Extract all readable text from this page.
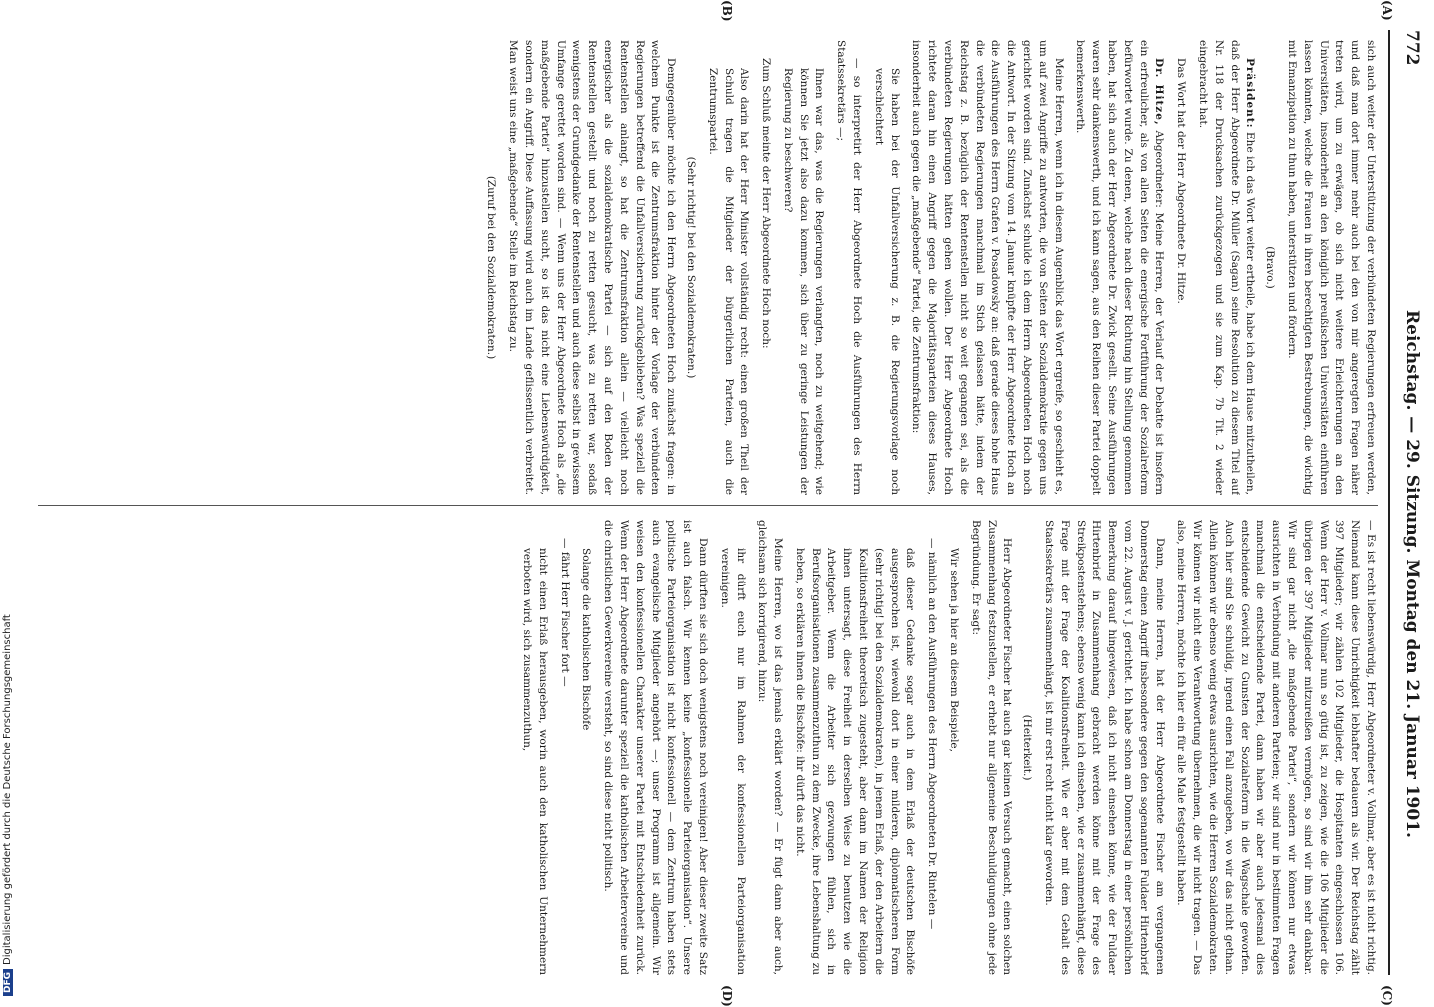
772
Reichstag. — 29. Sitzung. Montag den 21. Januar 1901.
(A)
(B)
(C)
(D)

sich auch weiter der Unterstützung der verbündeten Regierungen erfreuen werden, und daß man dort immer mehr auch bei den von mir angeregten Fragen näher treten wird, um zu erwägen, ob sich nicht weitere Erleichterungen an den Universitäten, insonderheit an den königlich preußischen Universitäten einführen lassen könnten, welche die Frauen in ihren berechtigten Bestrebungen, die wichtig mit Emanzipation zu thun haben, unterstützen und fördern.

(Bravo.)

Präsident: Ehe ich das Wort weiter ertheile, habe ich dem Hause mitzutheilen, daß der Herr Abgeordnete Dr. Müller (Sagan) seine Resolution zu diesem Titel auf Nr. 118 der Drucksachen zurückgezogen und sie zum Kap. 7b Tit. 2 wieder eingebracht hat.

Das Wort hat der Herr Abgeordnete Dr. Hitze.

Dr. Hitze, Abgeordneter: Meine Herren, der Verlauf der Debatte ist insofern ein erfreulicher, als von allen Seiten die energische Fortführung der Sozialreform befürwortet wurde. Zu denen, welche nach dieser Richtung hin Stellung genommen haben, hat sich auch der Herr Abgeordnete Dr. Zwick gesellt. Seine Ausführungen waren sehr dankenswerth, und ich kann sagen, aus den Reihen dieser Partei doppelt bemerkenswerth.

Meine Herren, wenn ich in diesem Augenblick das Wort ergreife, so geschieht es, um auf zwei Angriffe zu antworten, die von Seiten der Sozialdemokratie gegen uns gerichtet worden sind. Zunächst schulde ich dem Herrn Abgeordneten Hoch noch die Antwort. In der Sitzung vom 14. Januar knüpfte der Herr Abgeordnete Hoch an die Ausführungen des Herrn Grafen v. Posadowsky an: daß gerade dieses hohe Haus die verbündeten Regierungen manchmal im Stich gelassen hätte, indem der Reichstag z. B. bezüglich der Rentenstellen nicht so weit gegangen sei, als die verbündeten Regierungen hätten gehen wollen. Der Herr Abgeordnete Hoch richtete daran hin einen Angriff gegen die Majoritätsparteien dieses Hauses, insonderheit auch gegen die „maßgebende“ Partei, die Zentrumsfraktion:

Sie haben bei der Unfallversicherung z. B. die Regierungsvorlage noch verschlechtert

— so interpretirt der Herr Abgeordnete Hoch die Ausführungen des Herrn Staatssekretärs —;

Ihnen war das, was die Regierungen verlangten, noch zu weitgehend; wie können Sie jetzt also dazu kommen, sich über zu geringe Leistungen der Regierung zu beschweren?

Zum Schluß meinte der Herr Abgeordnete Hoch noch:

Also darin hat der Herr Minister vollständig recht: einen großen Theil der Schuld tragen die Mitglieder der bürgerlichen Parteien, auch die Zentrumspartei.

(Sehr richtig! bei den Sozialdemokraten.)

Demgegenüber möchte ich den Herrn Abgeordneten Hoch zunächst fragen: in welchem Punkte ist die Zentrumsfraktion hinter der Vorlage der verbündeten Regierungen betreffend die Unfallversicherung zurückgeblieben? Was speziell die Rentenstellen anlangt, so hat die Zentrumsfraktion allein — vielleicht noch energischer als die sozialdemokratische Partei — sich auf den Boden der Rentenstellen gestellt und noch zu retten gesucht, was zu retten war, sodaß wenigstens der Grundgedanke der Rentenstellen und auch diese selbst in gewissem Umfange gerettet worden sind. — Wenn uns der Herr Abgeordnete Hoch als „die maßgebende Partei“ hinzustellen sucht, so ist das nicht eine Liebenswürdigkeit, sondern ein Angriff. Diese Auffassung wird auch im Lande geflissentlich verbreitet. Man weist uns eine „maßgebende“ Stelle im Reichstag zu.

(Zuruf bei den Sozialdemokraten.)

— Es ist recht liebenswürdig, Herr Abgeordneter v. Vollmar, aber es ist nicht richtig. Niemand kann diese Unrichtigkeit lebhafter bedauern als wir. Der Reichstag zählt 397 Mitglieder; wir zählen 102 Mitglieder, die Hospitanten eingeschlossen 106. Wenn der Herr v. Vollmar nun so gütig ist, zu zeigen, wie die 106 Mitglieder die übrigen der 397 Mitglieder mitzureißen vermögen, so sind wir ihm sehr dankbar. Wir sind gar nicht „die maßgebende Partei“, sondern wir können nur etwas ausrichten in Verbindung mit anderen Parteien; wir sind nur in bestimmten Fragen manchmal die entscheidende Partei, dann haben wir aber auch jedesmal dies entscheidende Gewicht zu Gunsten der Sozialreform in die Wagschale geworfen. Auch hier sind Sie schuldig, irgend einen Fall anzugeben, wo wir das nicht gethan. Allein können wir ebenso wenig etwas ausrichten, wie die Herren Sozialdemokraten. Wir können wir nicht eine Verantwortung übernehmen, die wir nicht tragen. — Das also, meine Herren, möchte ich hier ein für alle Male festgestellt haben.

Dann, meine Herren, hat der Herr Abgeordnete Fischer am vergangenen Donnerstag einen Angriff insbesondere gegen den sogenannten Fuldaer Hirtenbrief vom 22. August v. J. gerichtet. Ich habe schon am Donnerstag in einer persönlichen Bemerkung darauf hingewiesen, daß ich nicht einsehen könne, wie der Fuldaer Hirtenbrief in Zusammenhang gebracht werden könne mit der Frage des Streikpostenstehens; ebenso wenig kann ich einsehen, wie er zusammenhängt, diese Frage mit der Frage der Koalitionsfreiheit. Wie er aber mit dem Gehalt des Staatssekretärs zusammenhängt, ist mir erst recht nicht klar geworden.

(Heiterkeit.)

Herr Abgeordneter Fischer hat auch gar keinen Versuch gemacht, einen solchen Zusammenhang festzustellen, er erhebt nur allgemeine Beschuldigungen ohne jede Begründung. Er sagt:

Wir sehen ja hier an diesem Beispiele,

— nämlich an den Ausführungen des Herrn Abgeordneten Dr. Rintelen —

daß dieser Gedanke sogar auch in dem Erlaß der deutschen Bischöfe ausgesprochen ist, wiewohl dort in einer milderen, diplomatischeren Form (sehr richtig! bei den Sozialdemokraten), in jenem Erlaß, der den Arbeitern die Koalitionsfreiheit theoretisch zugesteht, aber dann im Namen der Religion ihnen untersagt, diese Freiheit in derselben Weise zu benutzen wie die Arbeitgeber. Wenn die Arbeiter sich gezwungen fühlen, sich in Berufsorganisationen zusammenzuthun zu dem Zwecke, ihre Lebenshaltung zu heben, so erklären ihnen die Bischöfe: ihr dürft das nicht.

Meine Herren, wo ist das jemals erklärt worden? — Er fügt dann aber auch, gleichsam sich korrigirend, hinzu:

ihr dürft euch nur im Rahmen der konfessionellen Parteiorganisation vereinigen.

Dann dürften sie sich doch wenigstens noch vereinigen! Aber dieser zweite Satz ist auch falsch. Wir kennen keine „konfessionelle Parteiorganisation“. Unsere politische Parteiorganisation ist nicht konfessionell — dem Zentrum haben stets auch evangelische Mitglieder angehört —; unser Programm ist allgemein. Wir weisen den konfessionellen Charakter unserer Partei mit Entschiedenheit zurück. Wenn der Herr Abgeordnete darunter speziell die katholischen Arbeitervereine und die christlichen Gewerkvereine versteht, so sind diese nicht politisch.

Solange die katholischen Bischöfe

— fährt Herr Fischer fort —

nicht einen Erlaß herausgeben, worin auch den katholischen Unternehmern verboten wird, sich zusammenzuthun,

DFGDigitalisierung gefördert durch die Deutsche Forschungsgemeinschaft
